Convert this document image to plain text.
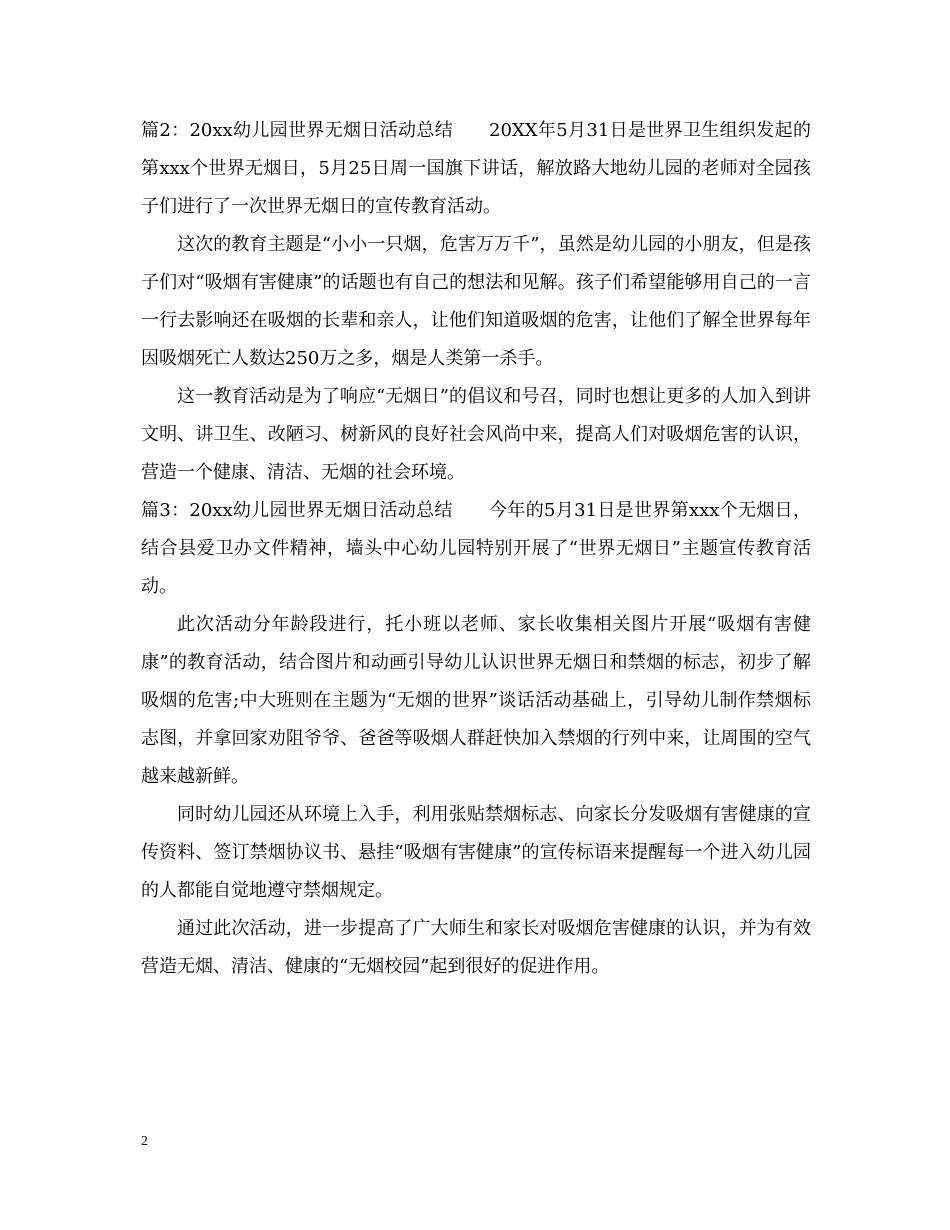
篇2：20xx幼儿园世界无烟日活动总结   20XX年5月31日是世界卫生组织发起的第xxx个世界无烟日，5月25日周一国旗下讲话，解放路大地幼儿园的老师对全园孩子们进行了一次世界无烟日的宣传教育活动。

这次的教育主题是“小小一只烟，危害万万千”，虽然是幼儿园的小朋友，但是孩子们对“吸烟有害健康”的话题也有自己的想法和见解。孩子们希望能够用自己的一言一行去影响还在吸烟的长辈和亲人，让他们知道吸烟的危害，让他们了解全世界每年因吸烟死亡人数达250万之多，烟是人类第一杀手。

这一教育活动是为了响应“无烟日”的倡议和号召，同时也想让更多的人加入到讲文明、讲卫生、改陋习、树新风的良好社会风尚中来，提高人们对吸烟危害的认识，营造一个健康、清洁、无烟的社会环境。

篇3：20xx幼儿园世界无烟日活动总结   今年的5月31日是世界第xxx个无烟日，结合县爱卫办文件精神，墙头中心幼儿园特别开展了“世界无烟日”主题宣传教育活动。

此次活动分年龄段进行，托小班以老师、家长收集相关图片开展“吸烟有害健康”的教育活动，结合图片和动画引导幼儿认识世界无烟日和禁烟的标志，初步了解吸烟的危害;中大班则在主题为“无烟的世界”谈话活动基础上，引导幼儿制作禁烟标志图，并拿回家劝阻爷爷、爸爸等吸烟人群赶快加入禁烟的行列中来，让周围的空气越来越新鲜。

同时幼儿园还从环境上入手，利用张贴禁烟标志、向家长分发吸烟有害健康的宣传资料、签订禁烟协议书、悬挂“吸烟有害健康”的宣传标语来提醒每一个进入幼儿园的人都能自觉地遵守禁烟规定。

通过此次活动，进一步提高了广大师生和家长对吸烟危害健康的认识，并为有效营造无烟、清洁、健康的“无烟校园”起到很好的促进作用。

2
